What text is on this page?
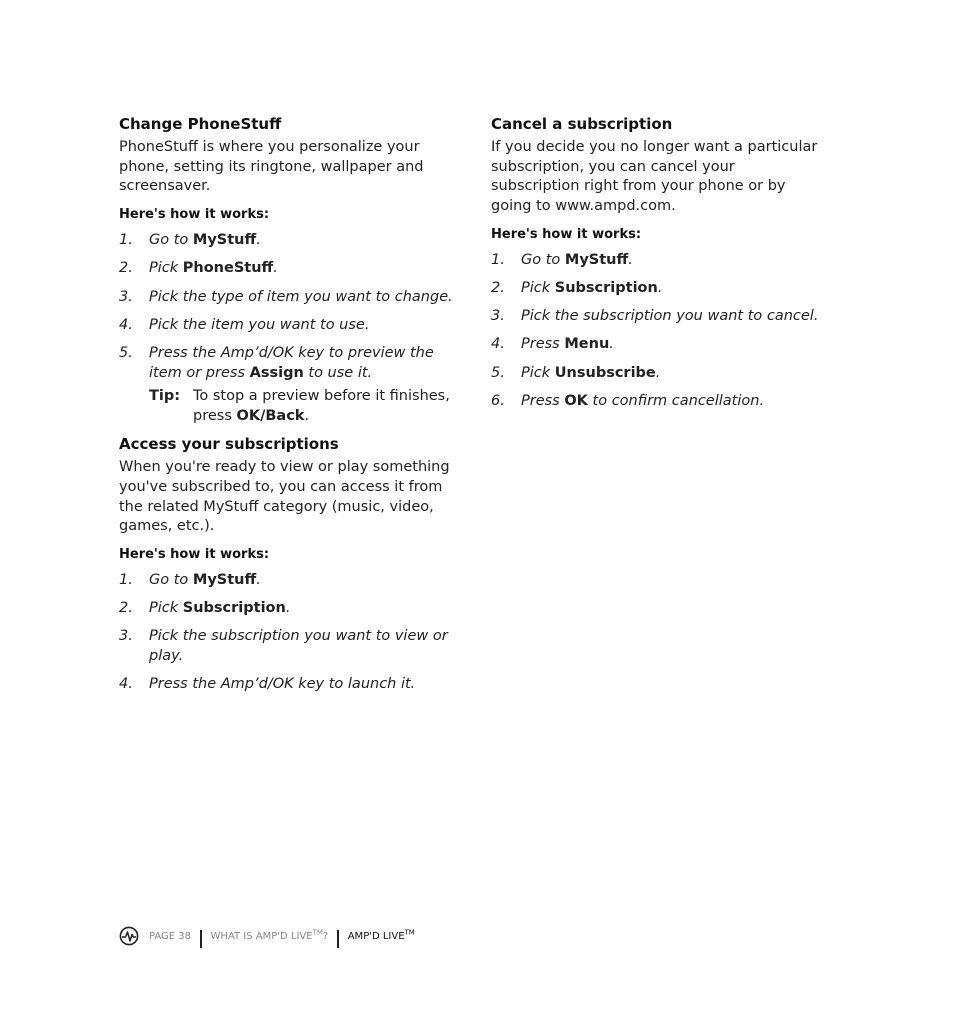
Change PhoneStuff

PhoneStuff is where you personalize your phone, setting its ringtone, wallpaper and screensaver.

Here's how it works:
1. Go to MyStuff.
2. Pick PhoneStuff.
3. Pick the type of item you want to change.
4. Pick the item you want to use.
5. Press the Amp’d/OK key to preview the item or press Assign to use it.
Tip: To stop a preview before it finishes, press OK/Back.
Access your subscriptions

When you're ready to view or play something you've subscribed to, you can access it from the related MyStuff category (music, video, games, etc.).

Here's how it works:
1. Go to MyStuff.
2. Pick Subscription.
3. Pick the subscription you want to view or play.
4. Press the Amp’d/OK key to launch it.
Cancel a subscription

If you decide you no longer want a particular subscription, you can cancel your subscription right from your phone or by going to www.ampd.com.

Here's how it works:
1. Go to MyStuff.
2. Pick Subscription.
3. Pick the subscription you want to cancel.
4. Press Menu.
5. Pick Unsubscribe.
6. Press OK to confirm cancellation.
PAGE 38 WHAT IS AMP'D LIVE™? AMP'D LIVE™
